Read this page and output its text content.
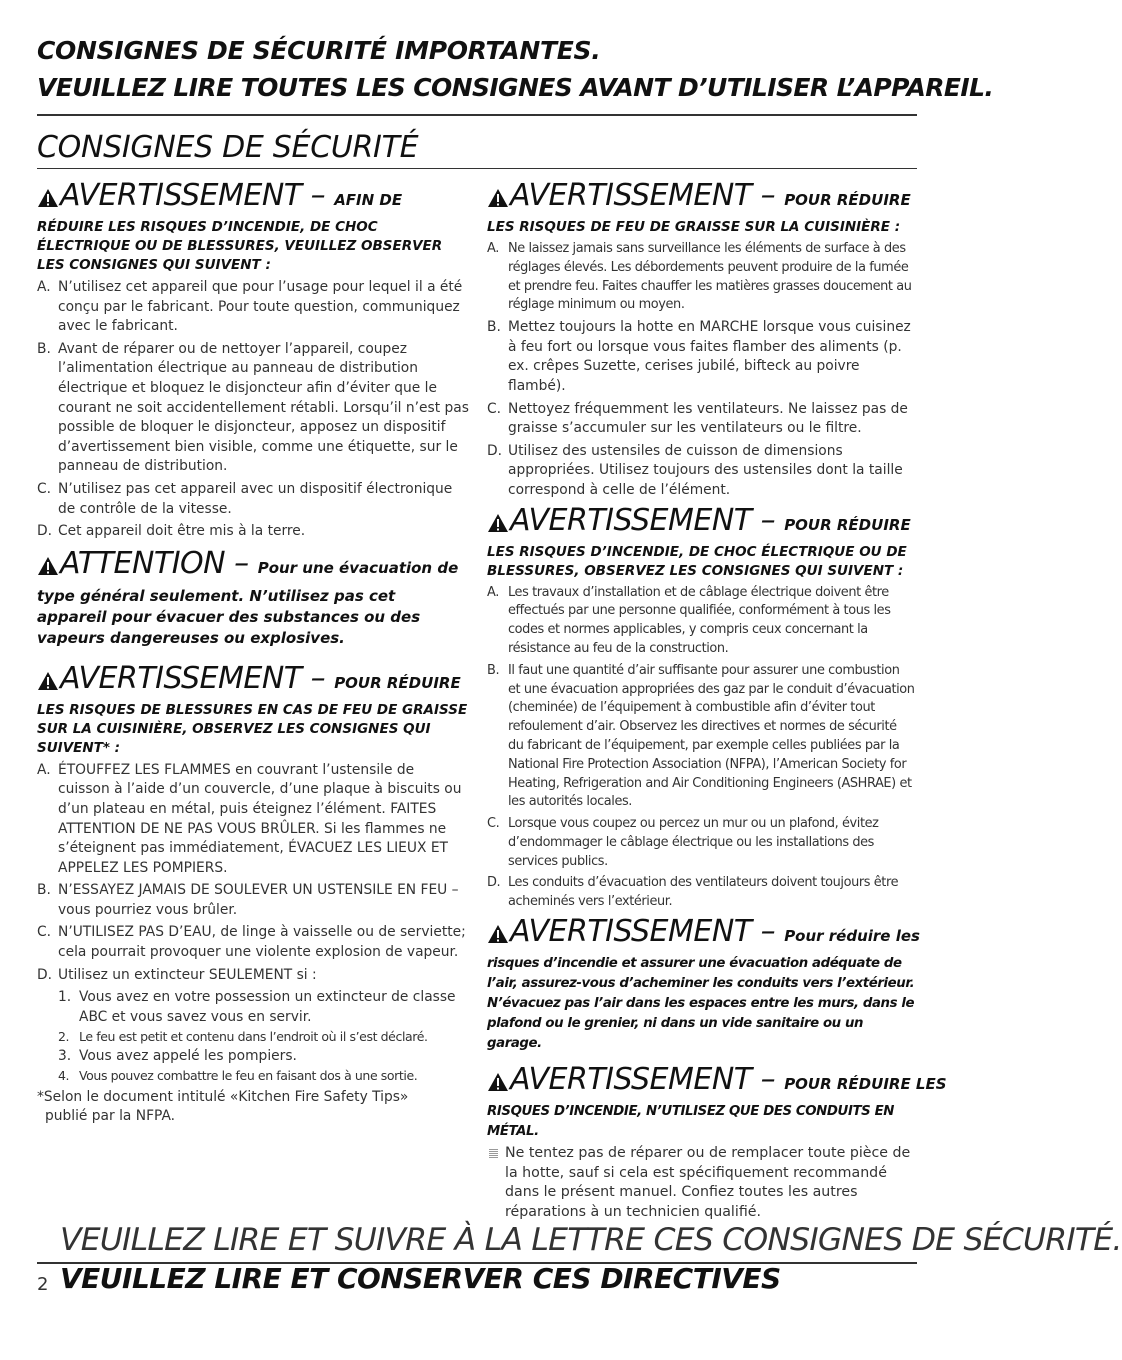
CONSIGNES DE SÉCURITÉ IMPORTANTES.
VEUILLEZ LIRE TOUTES LES CONSIGNES AVANT D’UTILISER L’APPAREIL.
CONSIGNES DE SÉCURITÉ
AVERTISSEMENT – AFIN DE
RÉDUIRE LES RISQUES D’INCENDIE, DE CHOC ÉLECTRIQUE OU DE BLESSURES, VEUILLEZ OBSERVER LES CONSIGNES QUI SUIVENT :
A. N’utilisez cet appareil que pour l’usage pour lequel il a été conçu par le fabricant. Pour toute question, communiquez avec le fabricant.
B. Avant de réparer ou de nettoyer l’appareil, coupez l’alimentation électrique au panneau de distribution électrique et bloquez le disjoncteur afin d’éviter que le courant ne soit accidentellement rétabli. Lorsqu’il n’est pas possible de bloquer le disjoncteur, apposez un dispositif d’avertissement bien visible, comme une étiquette, sur le panneau de distribution.
C. N’utilisez pas cet appareil avec un dispositif électronique de contrôle de la vitesse.
D. Cet appareil doit être mis à la terre.
ATTENTION – Pour une évacuation de
type général seulement. N’utilisez pas cet appareil pour évacuer des substances ou des vapeurs dangereuses ou explosives.
AVERTISSEMENT – POUR RÉDUIRE
LES RISQUES DE BLESSURES EN CAS DE FEU DE GRAISSE SUR LA CUISINIÈRE, OBSERVEZ LES CONSIGNES QUI SUIVENT* :
A. ÉTOUFFEZ LES FLAMMES en couvrant l’ustensile de cuisson à l’aide d’un couvercle, d’une plaque à biscuits ou d’un plateau en métal, puis éteignez l’élément. FAITES ATTENTION DE NE PAS VOUS BRÛLER. Si les flammes ne s’éteignent pas immédiatement, ÉVACUEZ LES LIEUX ET APPELEZ LES POMPIERS.
B. N’ESSAYEZ JAMAIS DE SOULEVER UN USTENSILE EN FEU – vous pourriez vous brûler.
C. N’UTILISEZ PAS D’EAU, de linge à vaisselle ou de serviette; cela pourrait provoquer une violente explosion de vapeur.
D. Utilisez un extincteur SEULEMENT si :
1. Vous avez en votre possession un extincteur de classe ABC et vous savez vous en servir.
2. Le feu est petit et contenu dans l’endroit où il s’est déclaré.
3. Vous avez appelé les pompiers.
4. Vous pouvez combattre le feu en faisant dos à une sortie.
*Selon le document intitulé «Kitchen Fire Safety Tips»
publié par la NFPA.
AVERTISSEMENT – POUR RÉDUIRE
LES RISQUES DE FEU DE GRAISSE SUR LA CUISINIÈRE :
A. Ne laissez jamais sans surveillance les éléments de surface à des réglages élevés. Les débordements peuvent produire de la fumée et prendre feu. Faites chauffer les matières grasses doucement au réglage minimum ou moyen.
B. Mettez toujours la hotte en MARCHE lorsque vous cuisinez à feu fort ou lorsque vous faites flamber des aliments (p. ex. crêpes Suzette, cerises jubilé, bifteck au poivre flambé).
C. Nettoyez fréquemment les ventilateurs. Ne laissez pas de graisse s’accumuler sur les ventilateurs ou le filtre.
D. Utilisez des ustensiles de cuisson de dimensions appropriées. Utilisez toujours des ustensiles dont la taille correspond à celle de l’élément.
AVERTISSEMENT – POUR RÉDUIRE
LES RISQUES D’INCENDIE, DE CHOC ÉLECTRIQUE OU DE BLESSURES, OBSERVEZ LES CONSIGNES QUI SUIVENT :
A. Les travaux d’installation et de câblage électrique doivent être effectués par une personne qualifiée, conformément à tous les codes et normes applicables, y compris ceux concernant la résistance au feu de la construction.
B. Il faut une quantité d’air suffisante pour assurer une combustion et une évacuation appropriées des gaz par le conduit d’évacuation (cheminée) de l’équipement à combustible afin d’éviter tout refoulement d’air. Observez les directives et normes de sécurité du fabricant de l’équipement, par exemple celles publiées par la National Fire Protection Association (NFPA), l’American Society for Heating, Refrigeration and Air Conditioning Engineers (ASHRAE) et les autorités locales.
C. Lorsque vous coupez ou percez un mur ou un plafond, évitez d’endommager le câblage électrique ou les installations des services publics.
D. Les conduits d’évacuation des ventilateurs doivent toujours être acheminés vers l’extérieur.
AVERTISSEMENT – Pour réduire les
risques d’incendie et assurer une évacuation adéquate de l’air, assurez-vous d’acheminer les conduits vers l’extérieur. N’évacuez pas l’air dans les espaces entre les murs, dans le plafond ou le grenier, ni dans un vide sanitaire ou un garage.
AVERTISSEMENT – POUR RÉDUIRE LES
RISQUES D’INCENDIE, N’UTILISEZ QUE DES CONDUITS EN MÉTAL.
Ne tentez pas de réparer ou de remplacer toute pièce de la hotte, sauf si cela est spécifiquement recommandé dans le présent manuel. Confiez toutes les autres réparations à un technicien qualifié.
VEUILLEZ LIRE ET SUIVRE À LA LETTRE CES CONSIGNES DE SÉCURITÉ.
2 VEUILLEZ LIRE ET CONSERVER CES DIRECTIVES
